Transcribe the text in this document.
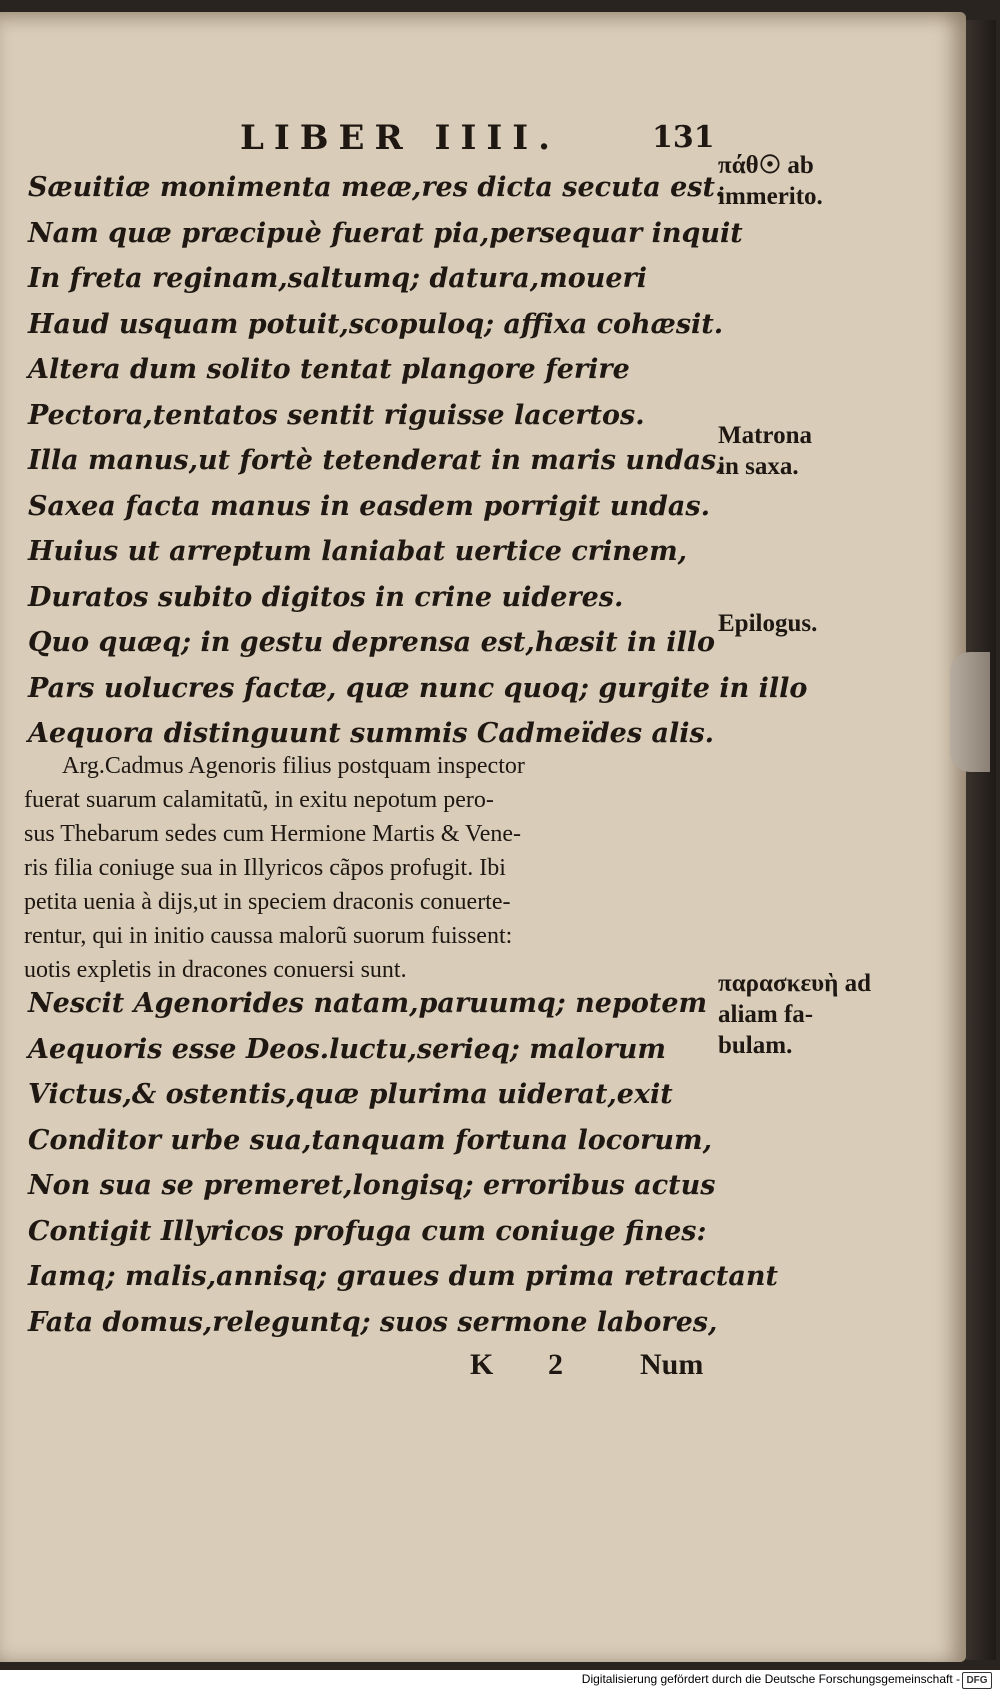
LIBER IIII.	131
Sæuitiæ monimenta meæ,res dicta secuta est.
Nam quæ præcipuè fuerat pia,persequar inquit
In freta reginam,saltumq; datura,moueri
Haud usquam potuit,scopuloq; affixa cohæsit.
Altera dum solito tentat plangore ferire
Pectora,tentatos sentit riguisse lacertos.
Illa manus,ut fortè tetenderat in maris undas,
Saxea facta manus in easdem porrigit undas.
Huius ut arreptum laniabat uertice crinem,
Duratos subito digitos in crine uideres.
Quo quæq; in gestu deprensa est,hæsit in illo
Pars uolucres factæ, quæ nunc quoq; gurgite in illo
Aequora distinguunt summis Cadmeïdes alis.
Arg.Cadmus Agenoris filius postquam inspector
fuerat suarum calamitatũ, in exitu nepotum pero-
sus Thebarum sedes cum Hermione Martis & Vene-
ris filia coniuge sua in Illyricos cãpos profugit. Ibi
petita uenia à dijs,ut in speciem draconis conuerte-
rentur, qui in initio caussa malorũ suorum fuissent:
uotis expletis in dracones conuersi sunt.
Nescit Agenorides natam,paruumq; nepotem
Aequoris esse Deos.luctu,serieq; malorum
Victus,& ostentis,quæ plurima uiderat,exit
Conditor urbe sua,tanquam fortuna locorum,
Non sua se premeret,longisq; erroribus actus
Contigit Illyricos profuga cum coniuge fines:
Iamq; malis,annisq; graues dum prima retractant
Fata domus,releguntq; suos sermone labores,
K 2	Num
πάθ☉ ab
immerito.
Matrona
in saxa.
Epilogus.
παρασκευὴ ad
aliam fa-
bulam.
Digitalisierung gefördert durch die Deutsche Forschungsgemeinschaft - DFG
